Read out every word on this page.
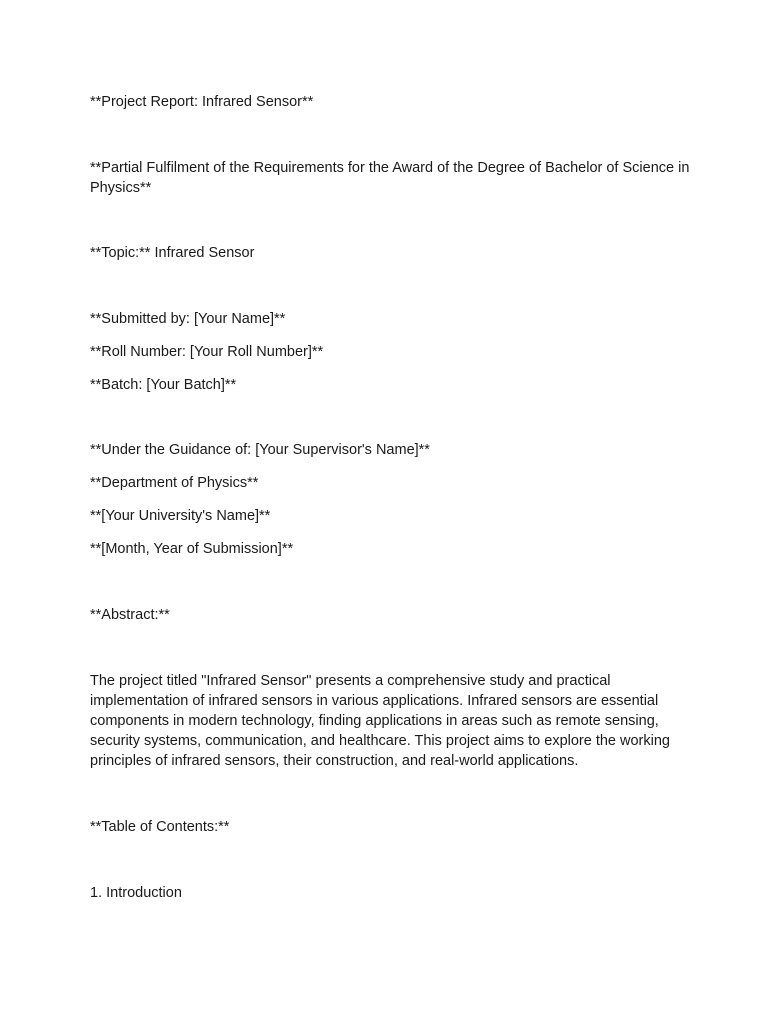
**Project Report: Infrared Sensor**
**Partial Fulfilment of the Requirements for the Award of the Degree of Bachelor of Science in
Physics**
**Topic:** Infrared Sensor
**Submitted by: [Your Name]**
**Roll Number: [Your Roll Number]**
**Batch: [Your Batch]**
**Under the Guidance of: [Your Supervisor's Name]**
**Department of Physics**
**[Your University's Name]**
**[Month, Year of Submission]**
**Abstract:**
The project titled "Infrared Sensor" presents a comprehensive study and practical
implementation of infrared sensors in various applications. Infrared sensors are essential
components in modern technology, finding applications in areas such as remote sensing,
security systems, communication, and healthcare. This project aims to explore the working
principles of infrared sensors, their construction, and real-world applications.
**Table of Contents:**
1. Introduction
